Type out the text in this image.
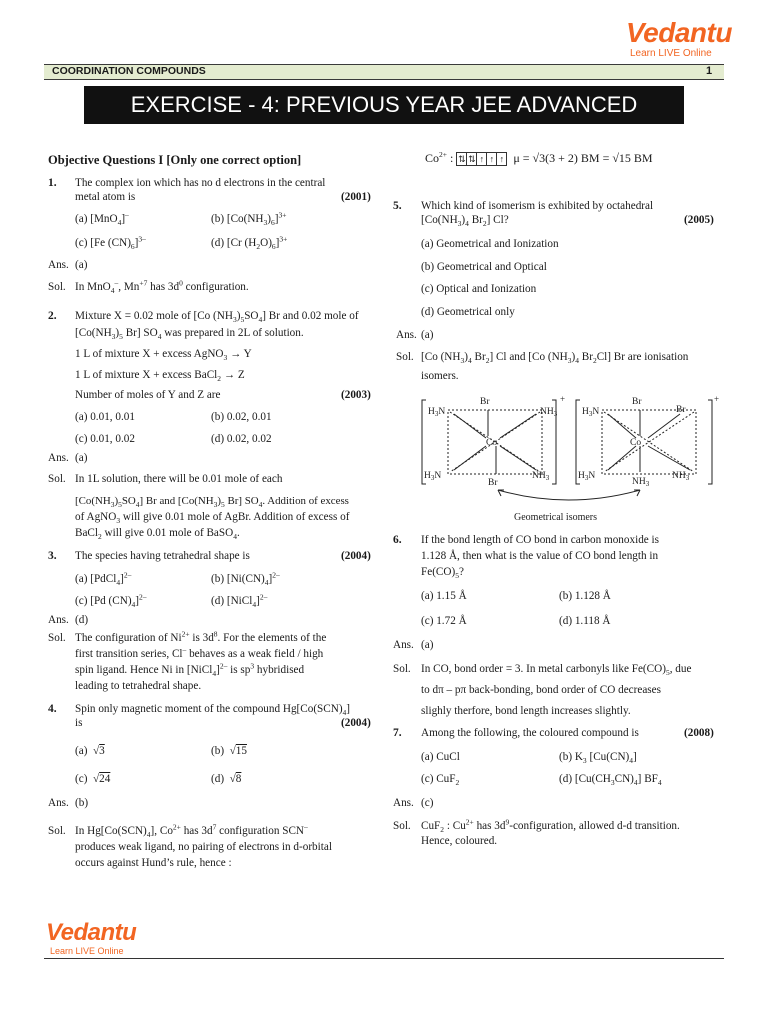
Vedantu
Learn LIVE Online
COORDINATION COMPOUNDS	1
EXERCISE - 4: PREVIOUS YEAR JEE ADVANCED QUESTION
Objective Questions I [Only one correct option]
1. The complex ion which has no d electrons in the central
metal atom is	(2001)
(a) [MnO$_4$]–	(b) $[Co(NH_3)_6]^{3+}$
(c) [Fe $(CN)_6]^{3-}$	(d) [Cr $(H_2O)_6]^{3+}$
Ans. (a)
Sol. In MnO$_4$–, $Mn^{+7}$ has $3d^0$ configuration.
2. Mixture X = 0.02 mole of [Co $(NH_3)_5SO_4$] Br and 0.02 mole of
[$Co(NH_3)_5$ Br] $SO_4$ was prepared in 2L of solution.
1 L of mixture X + excess AgNO$_3$ → Y
1 L of mixture X + excess BaCl$_2$ → Z
Number of moles of Y and Z are	(2003)
(a) 0.01, 0.01	(b) 0.02, 0.01
(c) 0.01, 0.02	(d) 0.02, 0.02
Ans. (a)
Sol. In 1L solution, there will be 0.01 mole of each
$[Co(NH_3)_5SO_4]$ Br and [$Co(NH_3)_5$ Br] $SO_4$. Addition of excess
of AgNO$_3$ will give 0.01 mole of AgBr. Addition of excess of
BaCl$_2$ will give 0.01 mole of BaSO$_4$.
3. The species having tetrahedral shape is	(2004)
(a) [PdCl$_4$]$^{2-}$	(b) $[Ni(CN)_4]^{2-}$
(c) [Pd $(CN)_4]^{2-}$	(d) [NiCl$_4$]$^{2-}$
Ans. (d)
Sol. The configuration of $Ni^{2+}$ is $3d^8$. For the elements of the
first transition series, Cl– behaves as a weak field / high
spin ligand. Hence Ni in [NiCl$_4$]$^{2-}$ is $sp^3$ hybridised
leading to tetrahedral shape.
4. Spin only magnetic moment of the compound $Hg[Co(SCN)_4]$
is	(2004)
(a)  √3	(b)  √15
(c)  √24	(d)  √8
Ans. (b)
Sol. In $Hg[Co(SCN)_4]$, $Co^{2+}$ has $3d^7$ configuration SCN–
produces weak ligand, no pairing of electrons in d-orbital
occurs against Hund’s rule, hence :
$Co^{2+}$ : ⇅ ⇅ ↑ ↑ ↑ μ = √3(3 + 2) BM = √15 BM
5. Which kind of isomerism is exhibited by octahedral
[$Co(NH_3)_4$ $Br_2$] Cl?	(2005)
(a) Geometrical and Ionization
(b) Geometrical and Optical
(c) Optical and Ionization
(d) Geometrical only
Ans. (a)
Sol. [Co $(NH_3)_4$ $Br_2$] Cl and [Co $(NH_3)_4$ $Br_2Cl$] Br are ionisation
isomers.
Br
$NH_3$
$H_3N$
Co
$H_3N$
Br
$NH_3$
+	Br
Br
$H_3N$
Co
$H_3N$
$NH_3$
$NH_3$
+
Geometrical isomers
6. If the bond length of CO bond in carbon monoxide is
1.128 Å, then what is the value of CO bond length in
$Fe(CO)_5$?
(a) 1.15 Å	(b) 1.128 Å
(c) 1.72 Å	(d) 1.118 Å
Ans. (a)
Sol. In CO, bond order = 3. In metal carbonyls like $Fe(CO)_5$, due
to dπ – pπ back-bonding, bond order of CO decreases
slighly therfore, bond length increases slightly.
7. Among the following, the coloured compound is	(2008)
(a) CuCl	(b) $K_3$ $[Cu(CN)_4]$
(c) CuF$_2$	(d) $[Cu(CH_3CN)_4]$ $BF_4$
Ans. (c)
Sol. CuF$_2$ : $Cu^{2+}$ has $3d^9$-configuration, allowed d-d transition.
Hence, coloured.
Vedantu
Learn LIVE Online
